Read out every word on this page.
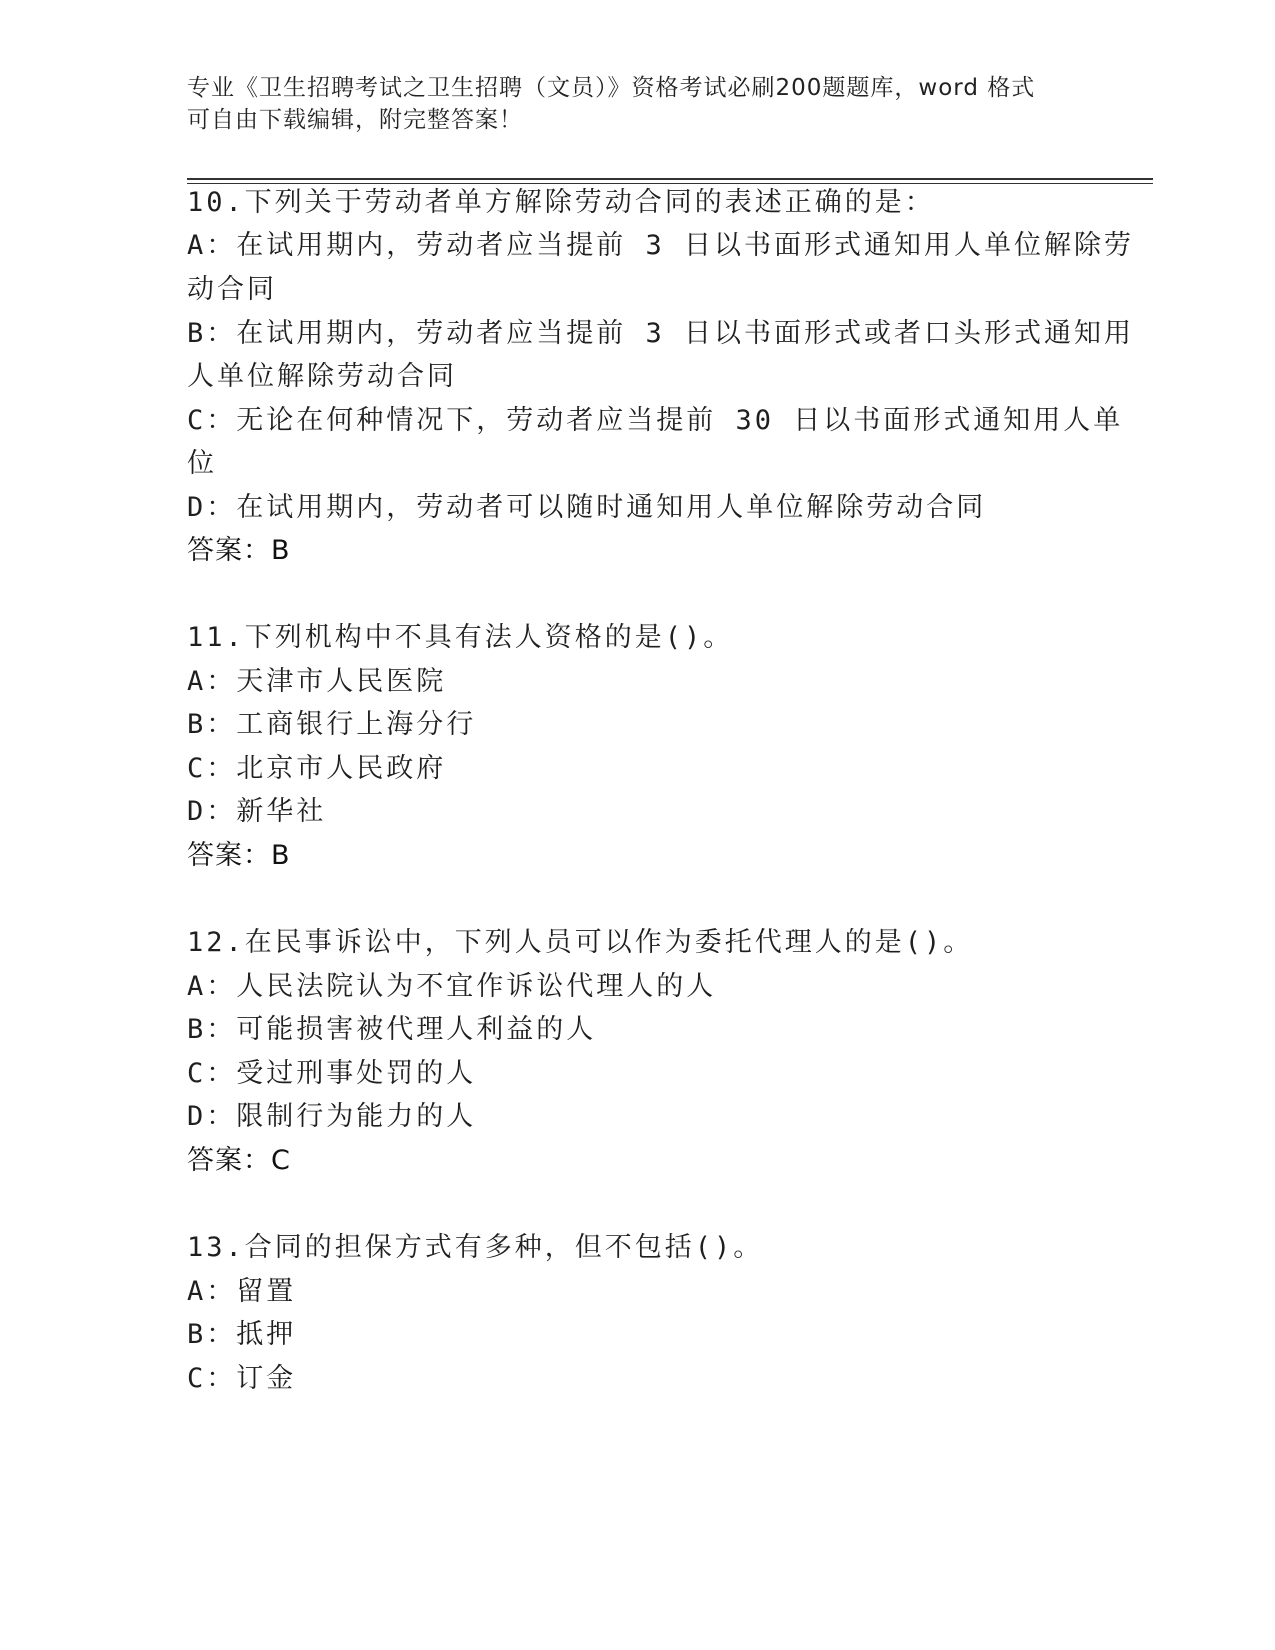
专业《卫生招聘考试之卫生招聘（文员）》资格考试必刷200题题库，word 格式
可自由下载编辑，附完整答案！
10.下列关于劳动者单方解除劳动合同的表述正确的是：
A：在试用期内，劳动者应当提前 3 日以书面形式通知用人单位解除劳
动合同
B：在试用期内，劳动者应当提前 3 日以书面形式或者口头形式通知用
人单位解除劳动合同
C：无论在何种情况下，劳动者应当提前 30 日以书面形式通知用人单
位
D：在试用期内，劳动者可以随时通知用人单位解除劳动合同
答案：B
11.下列机构中不具有法人资格的是()。
A：天津市人民医院
B：工商银行上海分行
C：北京市人民政府
D：新华社
答案：B
12.在民事诉讼中，下列人员可以作为委托代理人的是()。
A：人民法院认为不宜作诉讼代理人的人
B：可能损害被代理人利益的人
C：受过刑事处罚的人
D：限制行为能力的人
答案：C
13.合同的担保方式有多种，但不包括()。
A：留置
B：抵押
C：订金
